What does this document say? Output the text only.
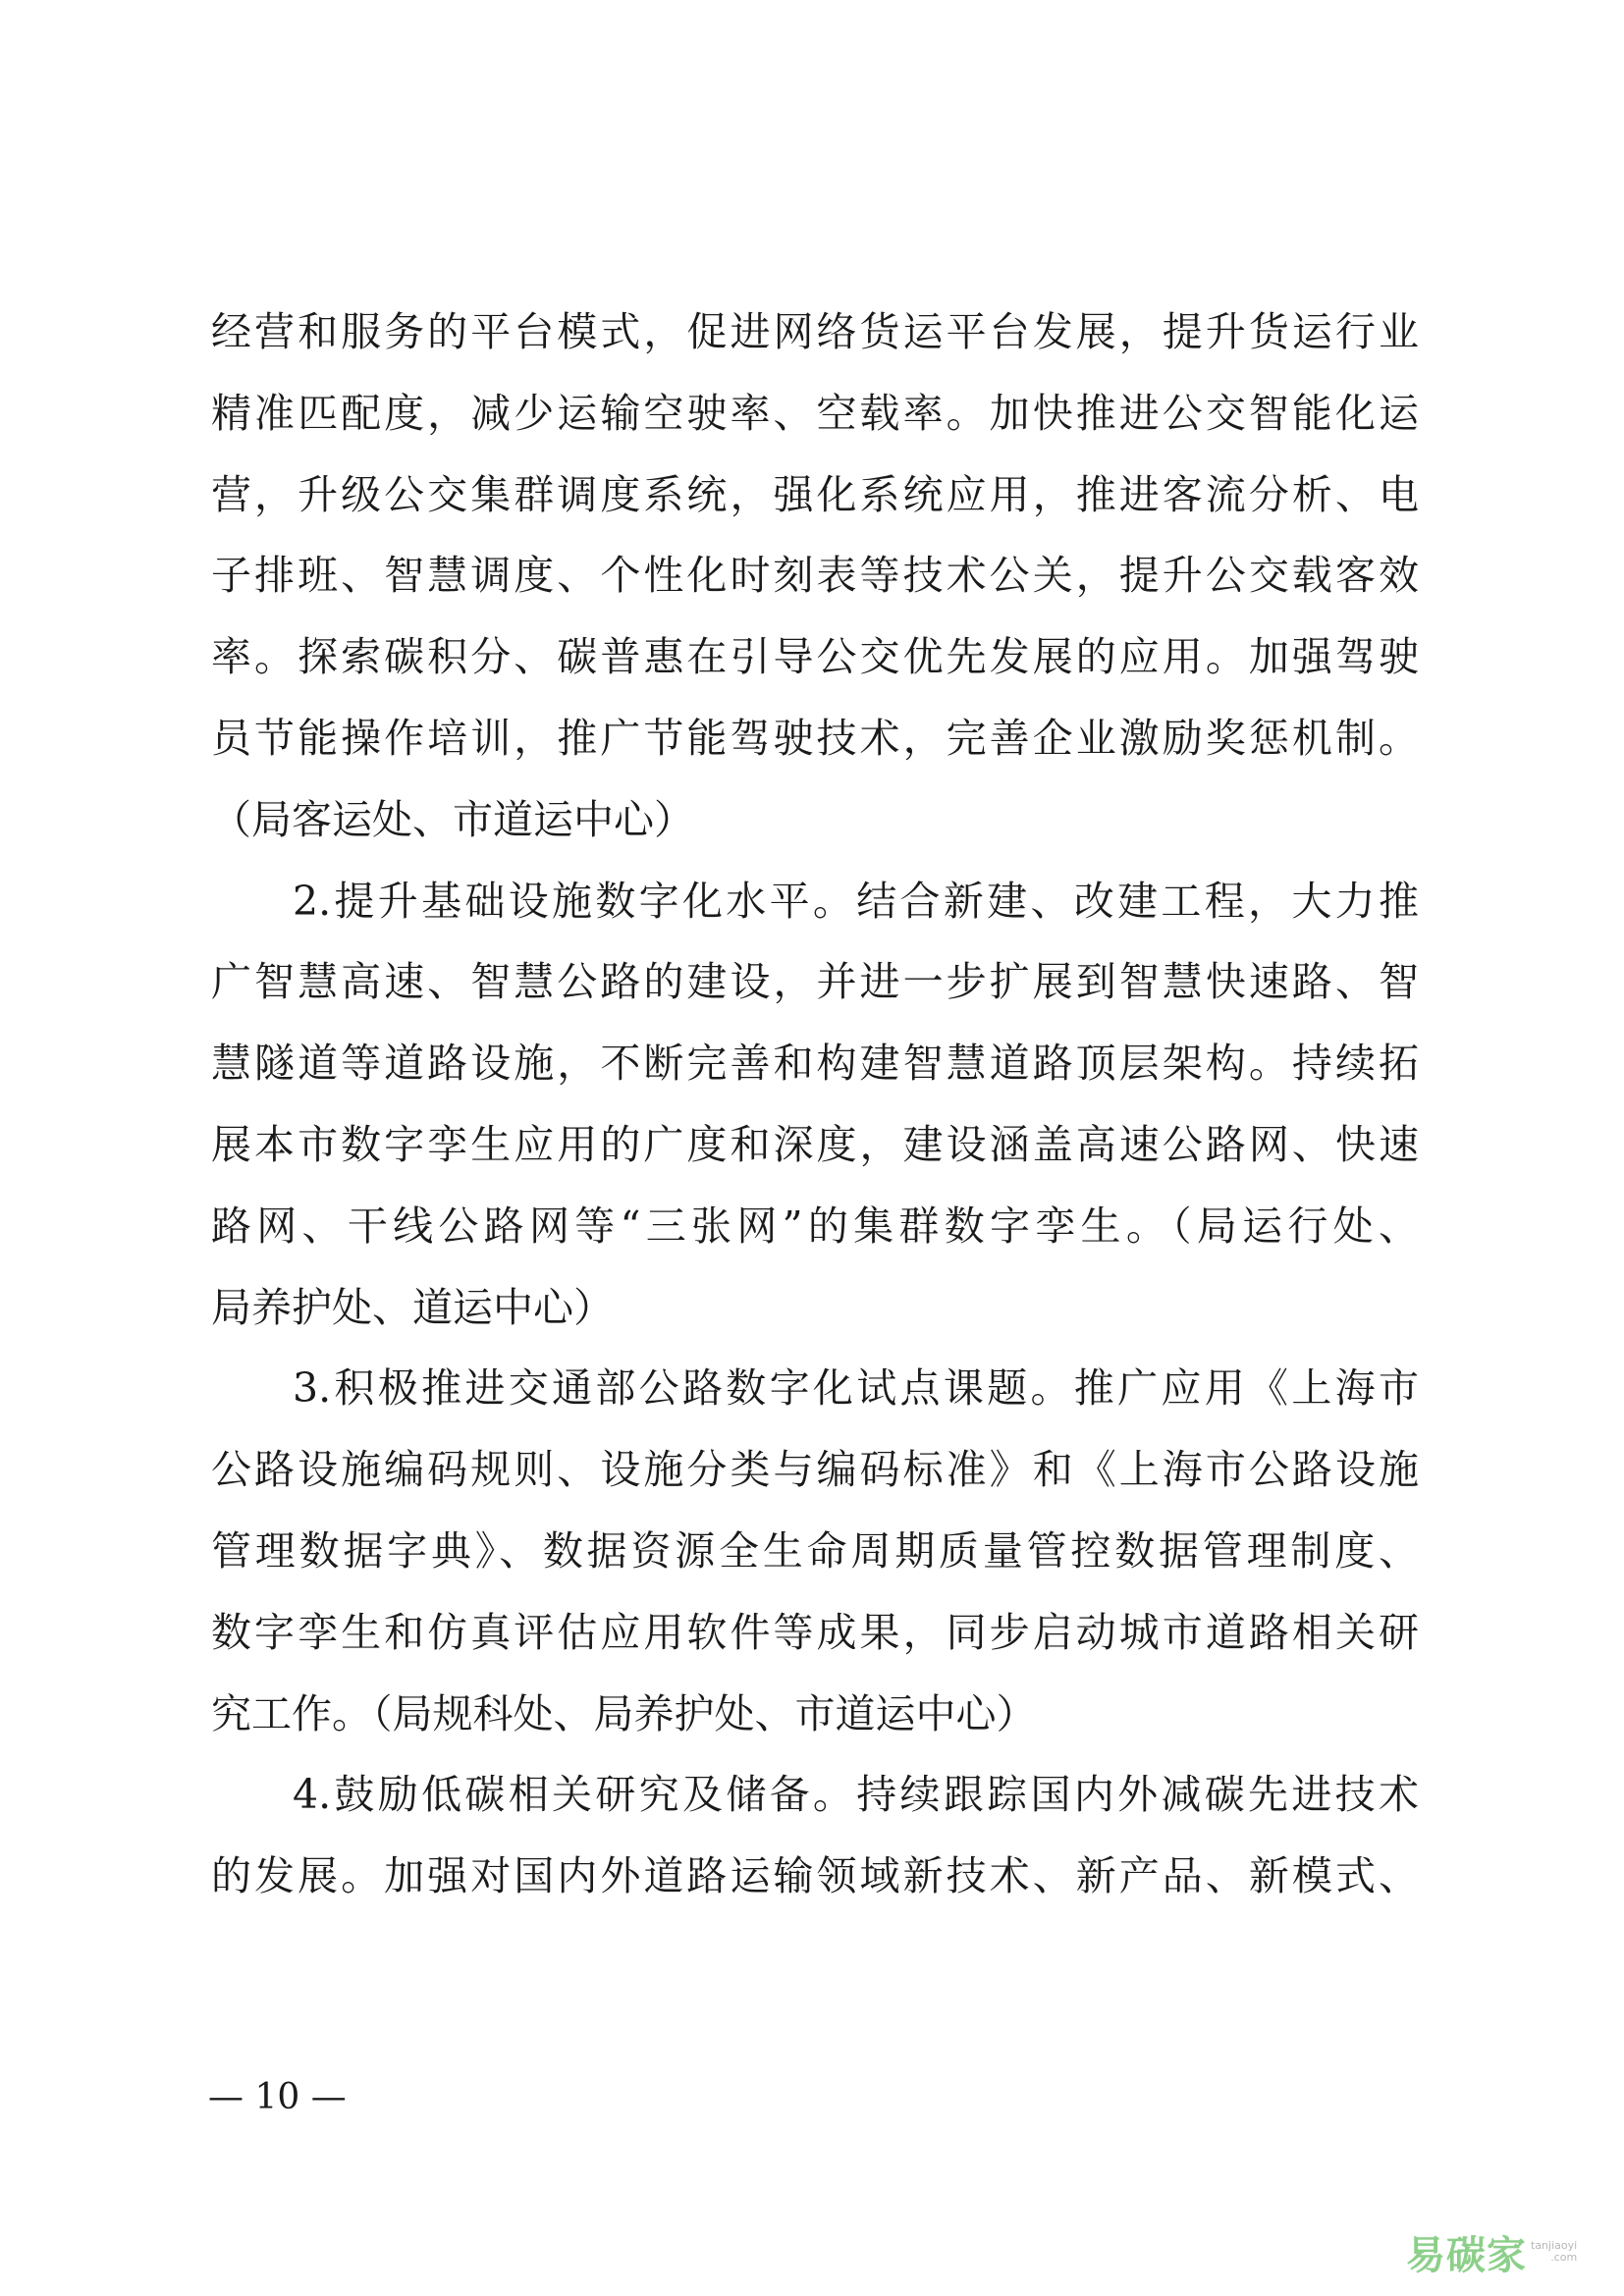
经营和服务的平台模式，促进网络货运平台发展，提升货运行业
精准匹配度，减少运输空驶率、空载率。加快推进公交智能化运
营，升级公交集群调度系统，强化系统应用，推进客流分析、电
子排班、智慧调度、个性化时刻表等技术公关，提升公交载客效
率。探索碳积分、碳普惠在引导公交优先发展的应用。加强驾驶
员节能操作培训，推广节能驾驶技术，完善企业激励奖惩机制。
（局客运处、市道运中心）
2.提升基础设施数字化水平。结合新建、改建工程，大力推
广智慧高速、智慧公路的建设，并进一步扩展到智慧快速路、智
慧隧道等道路设施，不断完善和构建智慧道路顶层架构。持续拓
展本市数字孪生应用的广度和深度，建设涵盖高速公路网、快速
路网、干线公路网等“三张网”的集群数字孪生。（局运行处、
局养护处、道运中心）
3.积极推进交通部公路数字化试点课题。推广应用《上海市
公路设施编码规则、设施分类与编码标准》和《上海市公路设施
管理数据字典》、数据资源全生命周期质量管控数据管理制度、
数字孪生和仿真评估应用软件等成果，同步启动城市道路相关研
究工作。（局规科处、局养护处、市道运中心）
4.鼓励低碳相关研究及储备。持续跟踪国内外减碳先进技术
的发展。加强对国内外道路运输领域新技术、新产品、新模式、
— 10 —
易碳家 tanjiaoyi
.com
